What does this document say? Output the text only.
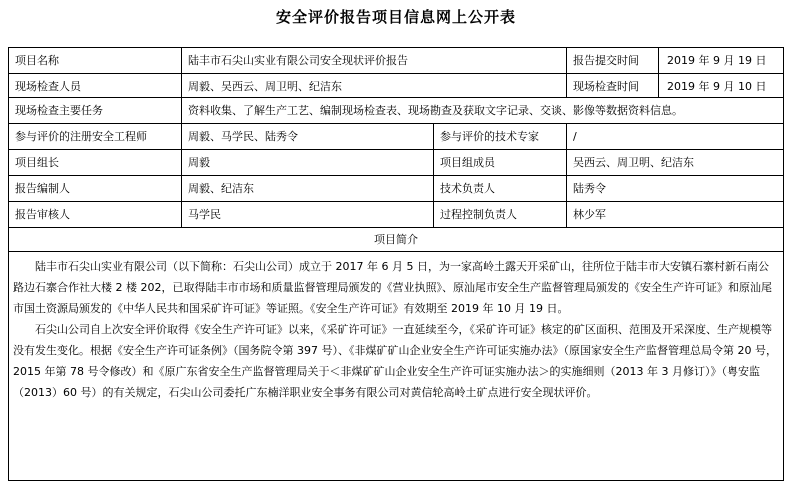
安全评价报告项目信息网上公开表
项目名称	陆丰市石尖山实业有限公司安全现状评价报告	报告提交时间	2019 年 9 月 19 日
现场检查人员	周毅、吴西云、周卫明、纪洁东	现场检查时间	2019 年 9 月 10 日
现场检查主要任务	资料收集、了解生产工艺、编制现场检查表、现场勘查及获取文字记录、交谈、影像等数据资料信息。
参与评价的注册安全工程师	周毅、马学民、陆秀令	参与评价的技术专家	/
项目组长	周毅	项目组成员	吴西云、周卫明、纪洁东
报告编制人	周毅、纪洁东	技术负责人	陆秀令
报告审核人	马学民	过程控制负责人	林少军
项目简介

陆丰市石尖山实业有限公司（以下简称：石尖山公司）成立于 2017 年 6 月 5 日，为一家高岭土露天开采矿山，往所位于陆丰市大安镇石寨村新石南公路边石寨合作社大楼 2 楼 202，已取得陆丰市市场和质量监督管理局颁发的《营业执照》、原汕尾市安全生产监督管理局颁发的《安全生产许可证》和原汕尾市国土资源局颁发的《中华人民共和国采矿许可证》等证照。《安全生产许可证》有效期至 2019 年 10 月 19 日。

石尖山公司自上次安全评价取得《安全生产许可证》以来，《采矿许可证》一直延续至今，《采矿许可证》核定的矿区面积、范围及开采深度、生产规模等没有发生变化。根据《安全生产许可证条例》（国务院令第 397 号）、《非煤矿矿山企业安全生产许可证实施办法》（原国家安全生产监督管理总局令第 20 号，2015 年第 78 号令修改）和《原广东省安全生产监督管理局关于＜非煤矿矿山企业安全生产许可证实施办法＞的实施细则（2013 年 3 月修订）》（粤安监（2013）60 号）的有关规定，石尖山公司委托广东楠洋职业安全事务有限公司对黄信轮高岭土矿点进行安全现状评价。
